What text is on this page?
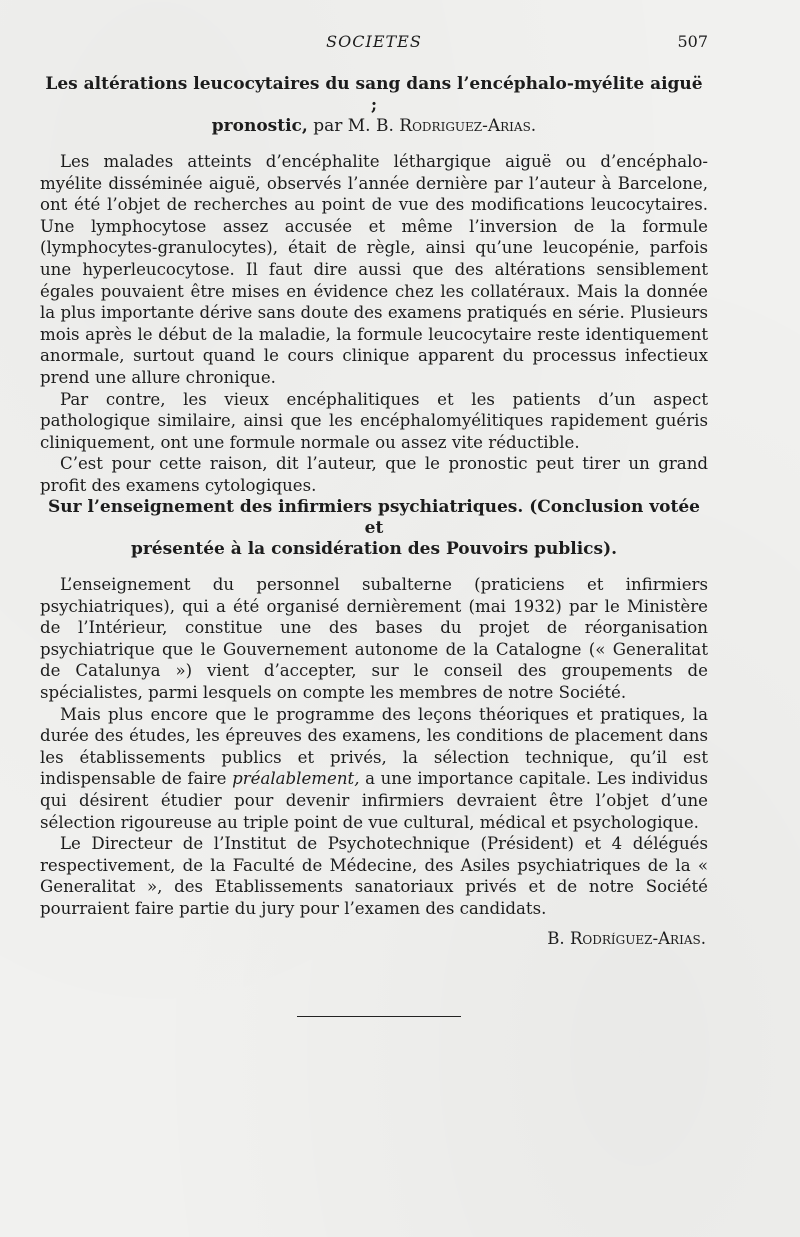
SOCIETES	507
Les altérations leucocytaires du sang dans l’encéphalo-myélite aiguë ;
pronostic, par M. B. Rodriguez-Arias.

Les malades atteints d’encéphalite léthargique aiguë ou d’encéphalo-myélite disséminée aiguë, observés l’année dernière par l’auteur à Barcelone, ont été l’objet de recherches au point de vue des modifications leucocytaires. Une lymphocytose assez accusée et même l’inversion de la formule (lymphocytes-granulocytes), était de règle, ainsi qu’une leucopénie, parfois une hyperleucocytose. Il faut dire aussi que des altérations sensiblement égales pouvaient être mises en évidence chez les collatéraux. Mais la donnée la plus importante dérive sans doute des examens pratiqués en série. Plusieurs mois après le début de la maladie, la formule leucocytaire reste identiquement anormale, surtout quand le cours clinique apparent du processus infectieux prend une allure chronique.

Par contre, les vieux encéphalitiques et les patients d’un aspect pathologique similaire, ainsi que les encéphalomyélitiques rapidement guéris cliniquement, ont une formule normale ou assez vite réductible.

C’est pour cette raison, dit l’auteur, que le pronostic peut tirer un grand profit des examens cytologiques.

Sur l’enseignement des infirmiers psychiatriques. (Conclusion votée et
présentée à la considération des Pouvoirs publics).

L’enseignement du personnel subalterne (praticiens et infirmiers psychiatriques), qui a été organisé dernièrement (mai 1932) par le Ministère de l’Intérieur, constitue une des bases du projet de réorganisation psychiatrique que le Gouvernement autonome de la Catalogne (« Generalitat de Catalunya ») vient d’accepter, sur le conseil des groupements de spécialistes, parmi lesquels on compte les membres de notre Société.

Mais plus encore que le programme des leçons théoriques et pratiques, la durée des études, les épreuves des examens, les conditions de placement dans les établissements publics et privés, la sélection technique, qu’il est indispensable de faire préalablement, a une importance capitale. Les individus qui désirent étudier pour devenir infirmiers devraient être l’objet d’une sélection rigoureuse au triple point de vue cultural, médical et psychologique.

Le Directeur de l’Institut de Psychotechnique (Président) et 4 délégués respectivement, de la Faculté de Médecine, des Asiles psychiatriques de la « Generalitat », des Etablissements sanatoriaux privés et de notre Société pourraient faire partie du jury pour l’examen des candidats.

B. Rodríguez-Arias.
